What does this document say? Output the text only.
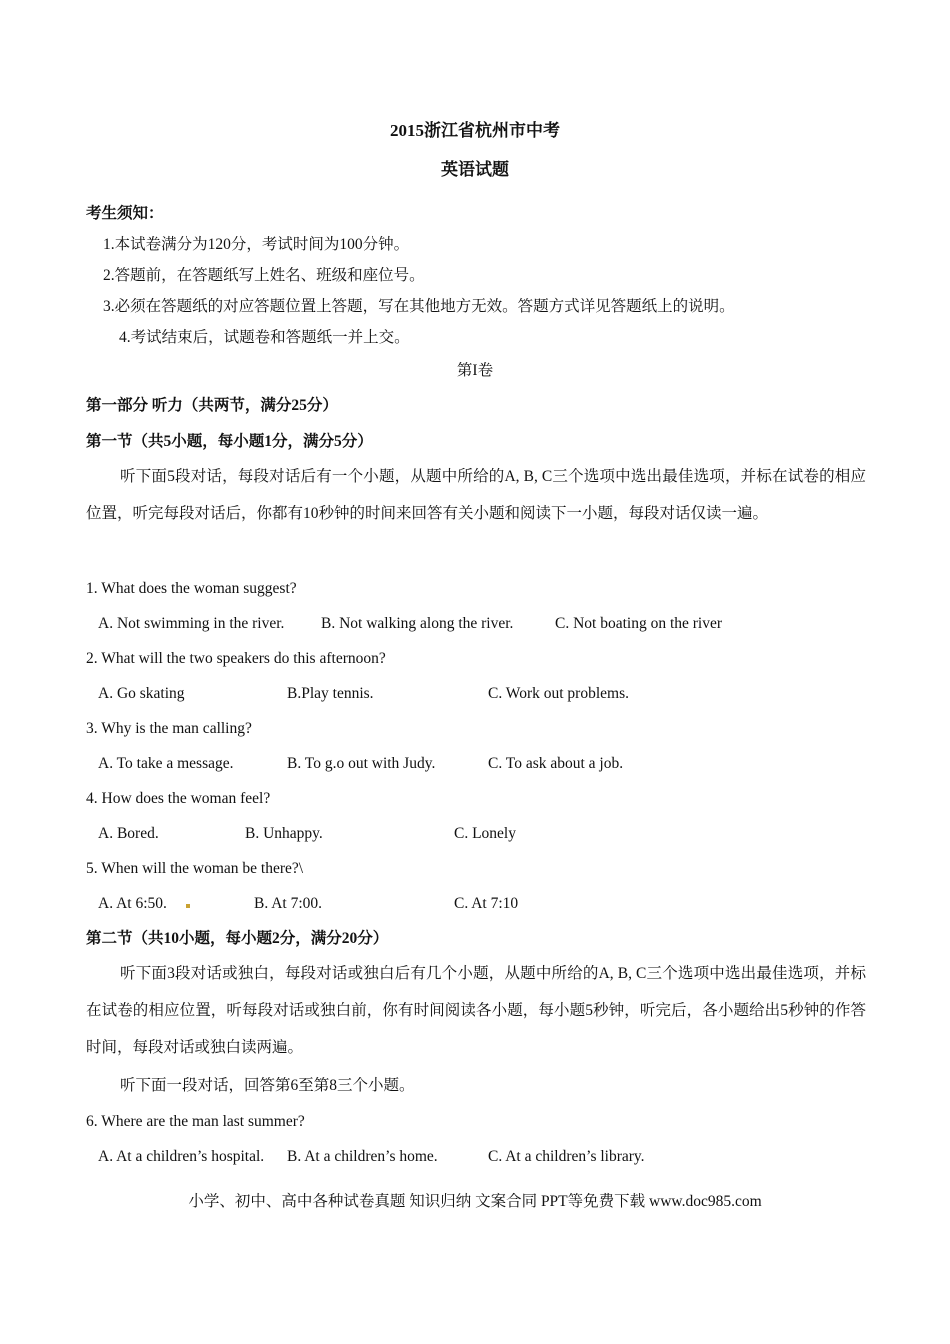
2015浙江省杭州市中考
英语试题
考生须知：
1.本试卷满分为120分，考试时间为100分钟。
2.答题前，在答题纸写上姓名、班级和座位号。
3.必须在答题纸的对应答题位置上答题，写在其他地方无效。答题方式详见答题纸上的说明。
4.考试结束后，试题卷和答题纸一并上交。
第I卷
第一部分 听力（共两节，满分25分）
第一节（共5小题，每小题1分，满分5分）
听下面5段对话，每段对话后有一个小题，从题中所给的A, B, C三个选项中选出最佳选项，并标在试卷的相应位置，听完每段对话后，你都有10秒钟的时间来回答有关小题和阅读下一小题，每段对话仅读一遍。
1. What does the woman suggest?
A. Not swimming in the river. B. Not walking along the river.	C. Not boating on the river
2. What will the two speakers do this afternoon?
A. Go skating	B.Play tennis.	C. Work out problems.
3. Why is the man calling?
A. To take a message.	B. To g.o out with Judy.	C. To ask about a job.
4. How does the woman feel?
A. Bored.	B. Unhappy.	C. Lonely
5. When will the woman be there?\
A. At 6:50.	B. At 7:00.	C. At 7:10
第二节（共10小题，每小题2分，满分20分）
听下面3段对话或独白，每段对话或独白后有几个小题，从题中所给的A, B, C三个选项中选出最佳选项，并标在试卷的相应位置，听每段对话或独白前，你有时间阅读各小题，每小题5秒钟，听完后，各小题给出5秒钟的作答时间，每段对话或独白读两遍。
听下面一段对话，回答第6至第8三个小题。
6. Where are the man last summer?
A. At a children’s hospital. B. At a children’s home.	C. At a children’s library.
小学、初中、高中各种试卷真题 知识归纳 文案合同 PPT等免费下载 www.doc985.com
